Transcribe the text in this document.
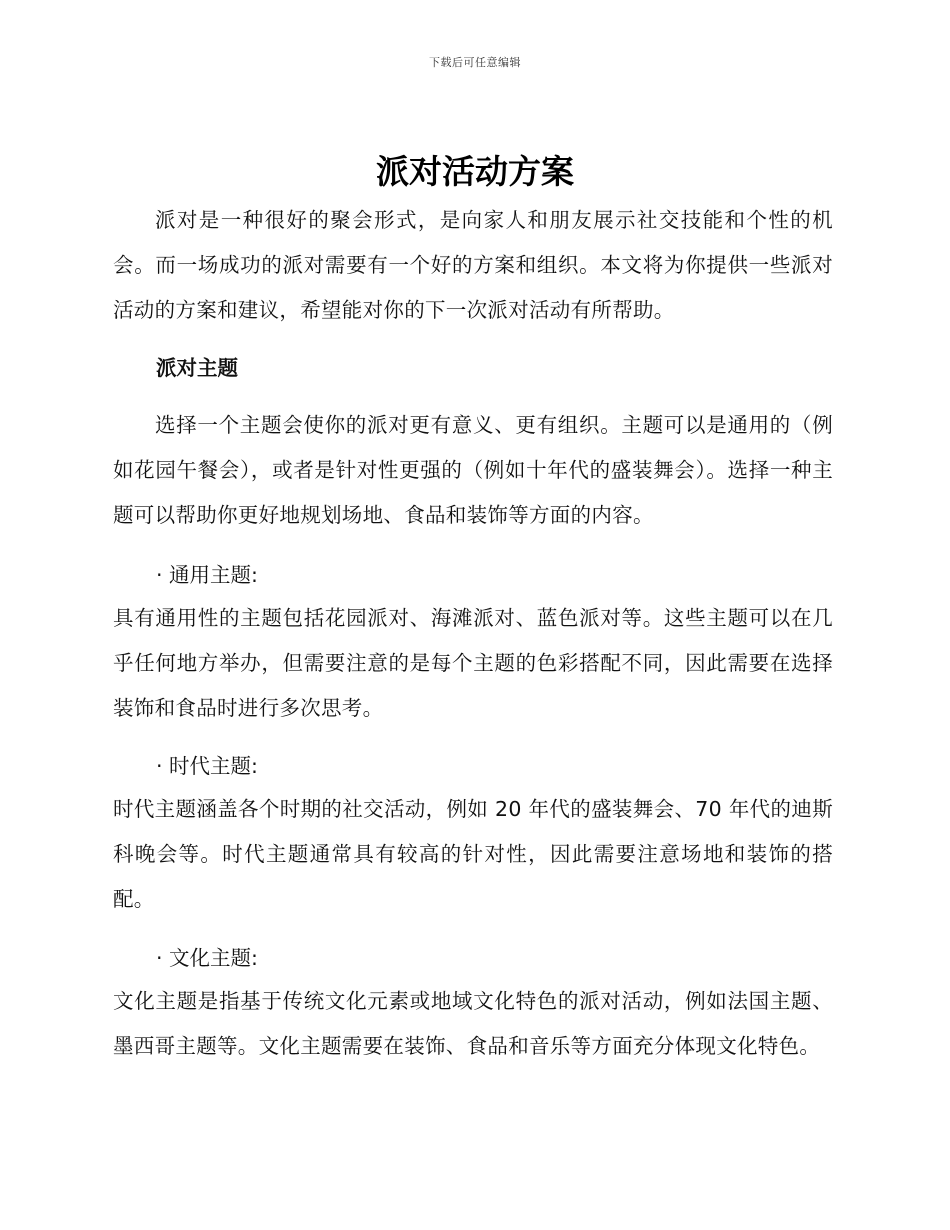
下载后可任意编辑
派对活动方案

派对是一种很好的聚会形式，是向家人和朋友展示社交技能和个性的机会。而一场成功的派对需要有一个好的方案和组织。本文将为你提供一些派对活动的方案和建议，希望能对你的下一次派对活动有所帮助。

派对主题

选择一个主题会使你的派对更有意义、更有组织。主题可以是通用的（例如花园午餐会），或者是针对性更强的（例如十年代的盛装舞会）。选择一种主题可以帮助你更好地规划场地、食品和装饰等方面的内容。

· 通用主题:

具有通用性的主题包括花园派对、海滩派对、蓝色派对等。这些主题可以在几乎任何地方举办，但需要注意的是每个主题的色彩搭配不同，因此需要在选择装饰和食品时进行多次思考。

· 时代主题:

时代主题涵盖各个时期的社交活动，例如 20 年代的盛装舞会、70 年代的迪斯科晚会等。时代主题通常具有较高的针对性，因此需要注意场地和装饰的搭配。

· 文化主题:

文化主题是指基于传统文化元素或地域文化特色的派对活动，例如法国主题、墨西哥主题等。文化主题需要在装饰、食品和音乐等方面充分体现文化特色。
